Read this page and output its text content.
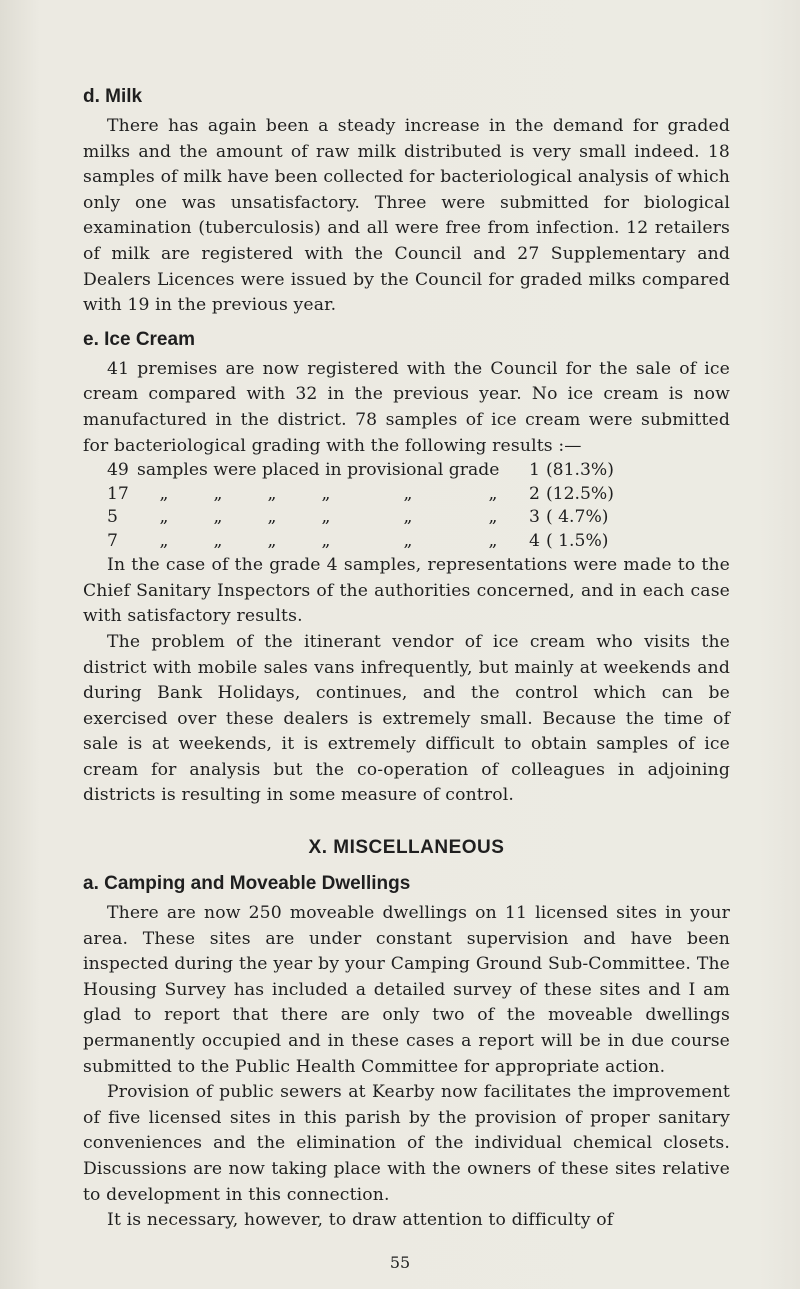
d. Milk

There has again been a steady increase in the demand for graded milks and the amount of raw milk distributed is very small indeed. 18 samples of milk have been collected for bacteriological analysis of which only one was unsatisfactory. Three were submitted for biological examination (tuberculosis) and all were free from infection. 12 retailers of milk are registered with the Council and 27 Supplementary and Dealers Licences were issued by the Council for graded milks compared with 19 in the previous year.

e. Ice Cream

41 premises are now registered with the Council for the sale of ice cream compared with 32 in the previous year. No ice cream is now manufactured in the district. 78 samples of ice cream were submitted for bacteriological grading with the following results :—

49	samples were placed in provisional grade						1	(81.3%)
17	„	„	„	„	„	„	2	(12.5%)
5	„	„	„	„	„	„	3	( 4.7%)
7	„	„	„	„	„	„	4	( 1.5%)

In the case of the grade 4 samples, representations were made to the Chief Sanitary Inspectors of the authorities concerned, and in each case with satisfactory results.

The problem of the itinerant vendor of ice cream who visits the district with mobile sales vans infrequently, but mainly at weekends and during Bank Holidays, continues, and the control which can be exercised over these dealers is extremely small. Because the time of sale is at weekends, it is extremely difficult to obtain samples of ice cream for analysis but the co-operation of colleagues in adjoining districts is resulting in some measure of control.

X. MISCELLANEOUS
a. Camping and Moveable Dwellings

There are now 250 moveable dwellings on 11 licensed sites in your area. These sites are under constant supervision and have been inspected during the year by your Camping Ground Sub-Committee. The Housing Survey has included a detailed survey of these sites and I am glad to report that there are only two of the moveable dwellings permanently occupied and in these cases a report will be in due course submitted to the Public Health Committee for appropriate action.

Provision of public sewers at Kearby now facilitates the improvement of five licensed sites in this parish by the provision of proper sanitary conveniences and the elimination of the individual chemical closets. Discussions are now taking place with the owners of these sites relative to development in this connection.

It is necessary, however, to draw attention to difficulty of

55
